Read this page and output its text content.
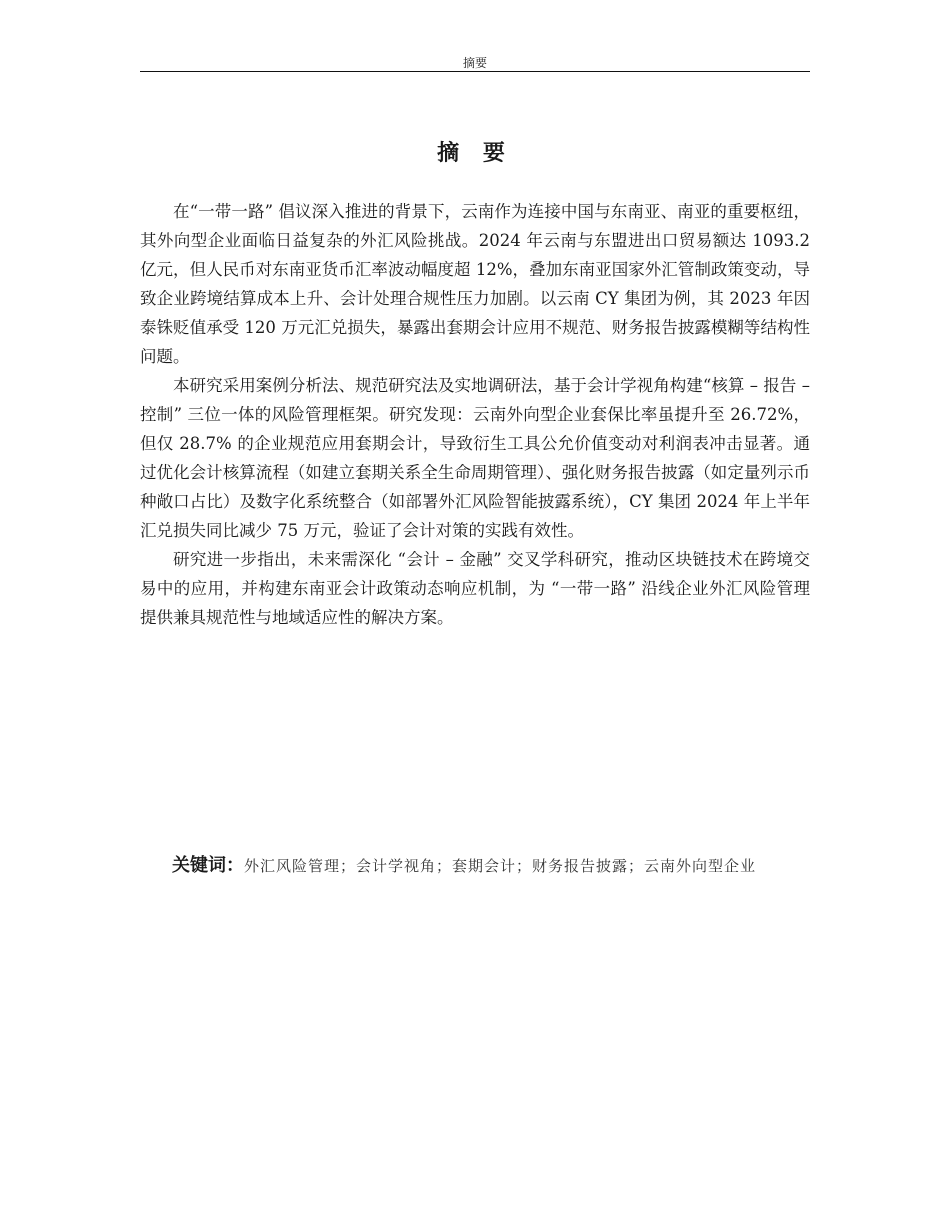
摘要
摘 要

在“一带一路” 倡议深入推进的背景下，云南作为连接中国与东南亚、南亚的重要枢纽，其外向型企业面临日益复杂的外汇风险挑战。2024 年云南与东盟进出口贸易额达 1093.2 亿元，但人民币对东南亚货币汇率波动幅度超 12%，叠加东南亚国家外汇管制政策变动，导致企业跨境结算成本上升、会计处理合规性压力加剧。以云南 CY 集团为例，其 2023 年因泰铢贬值承受 120 万元汇兑损失，暴露出套期会计应用不规范、财务报告披露模糊等结构性问题。

本研究采用案例分析法、规范研究法及实地调研法，基于会计学视角构建“核算 – 报告 – 控制” 三位一体的风险管理框架。研究发现：云南外向型企业套保比率虽提升至 26.72%，但仅 28.7% 的企业规范应用套期会计，导致衍生工具公允价值变动对利润表冲击显著。通过优化会计核算流程（如建立套期关系全生命周期管理）、强化财务报告披露（如定量列示币种敞口占比）及数字化系统整合（如部署外汇风险智能披露系统），CY 集团 2024 年上半年汇兑损失同比减少 75 万元，验证了会计对策的实践有效性。

研究进一步指出，未来需深化 “会计 – 金融” 交叉学科研究，推动区块链技术在跨境交易中的应用，并构建东南亚会计政策动态响应机制，为 “一带一路” 沿线企业外汇风险管理提供兼具规范性与地域适应性的解决方案。

关键词：外汇风险管理；会计学视角；套期会计；财务报告披露；云南外向型企业
